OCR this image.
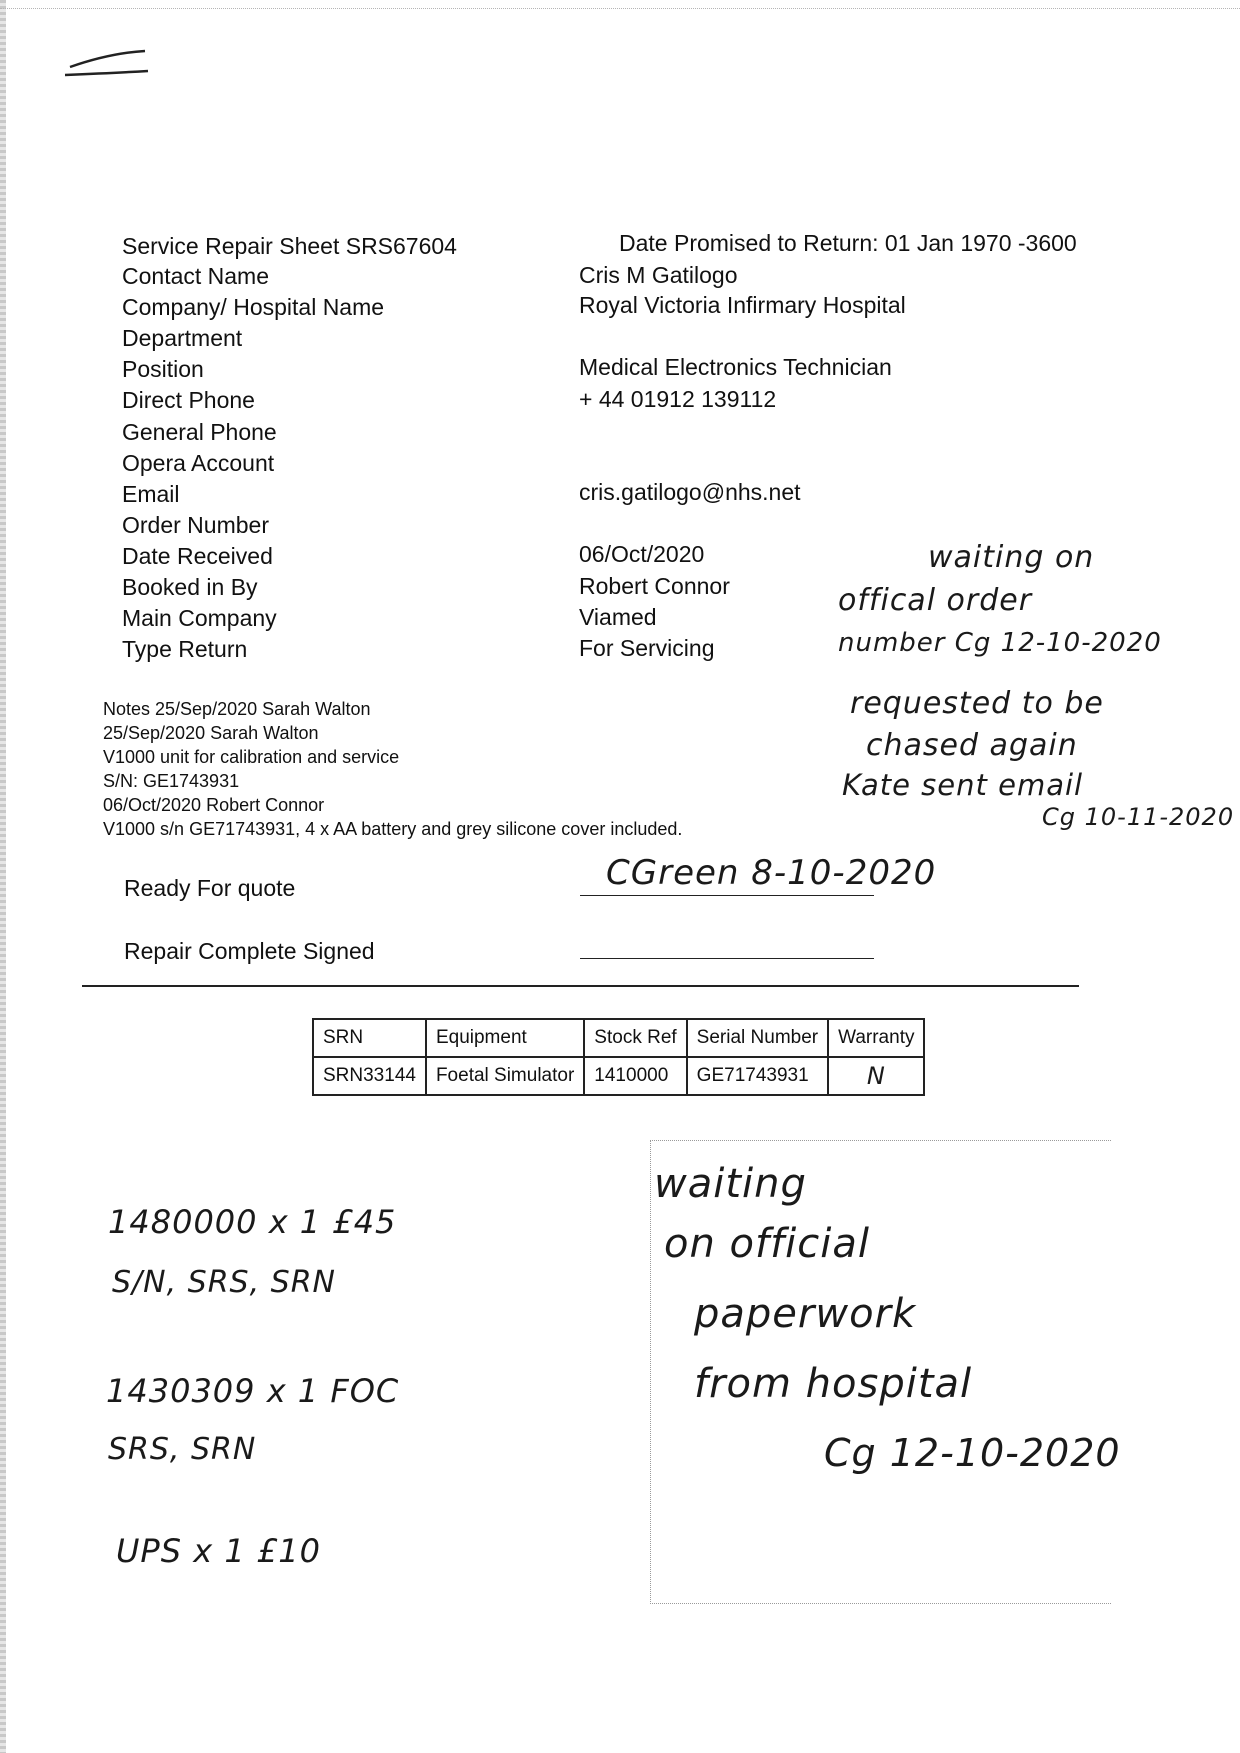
Service Repair Sheet SRS67604	Date Promised to Return: 01 Jan 1970 -3600
Contact Name	Cris M Gatilogo
Company/ Hospital Name	Royal Victoria Infirmary Hospital
Department
Position	Medical Electronics Technician
Direct Phone	+ 44 01912 139112
General Phone
Opera Account
Email	cris.gatilogo@nhs.net
Order Number
Date Received	06/Oct/2020
Booked in By	Robert Connor
Main Company	Viamed
Type Return	For Servicing
Notes 25/Sep/2020 Sarah Walton
25/Sep/2020 Sarah Walton
V1000 unit for calibration and service
S/N: GE1743931
06/Oct/2020 Robert Connor
V1000 s/n GE71743931, 4 x AA battery and grey silicone cover included.
Ready For quote	CGreen 8-10-2020
Repair Complete Signed
SRN	Equipment	Stock Ref	Serial Number	Warranty
SRN33144	Foetal Simulator	1410000	GE71743931	N
waiting on
offical order
number Cg 12-10-2020
requested to be
chased again
Kate sent email
Cg 10-11-2020
1480000 x 1 £45
S/N, SRS, SRN
1430309 x 1 FOC
SRS, SRN
UPS x 1 £10
waiting
on official
paperwork
from hospital
Cg 12-10-2020
